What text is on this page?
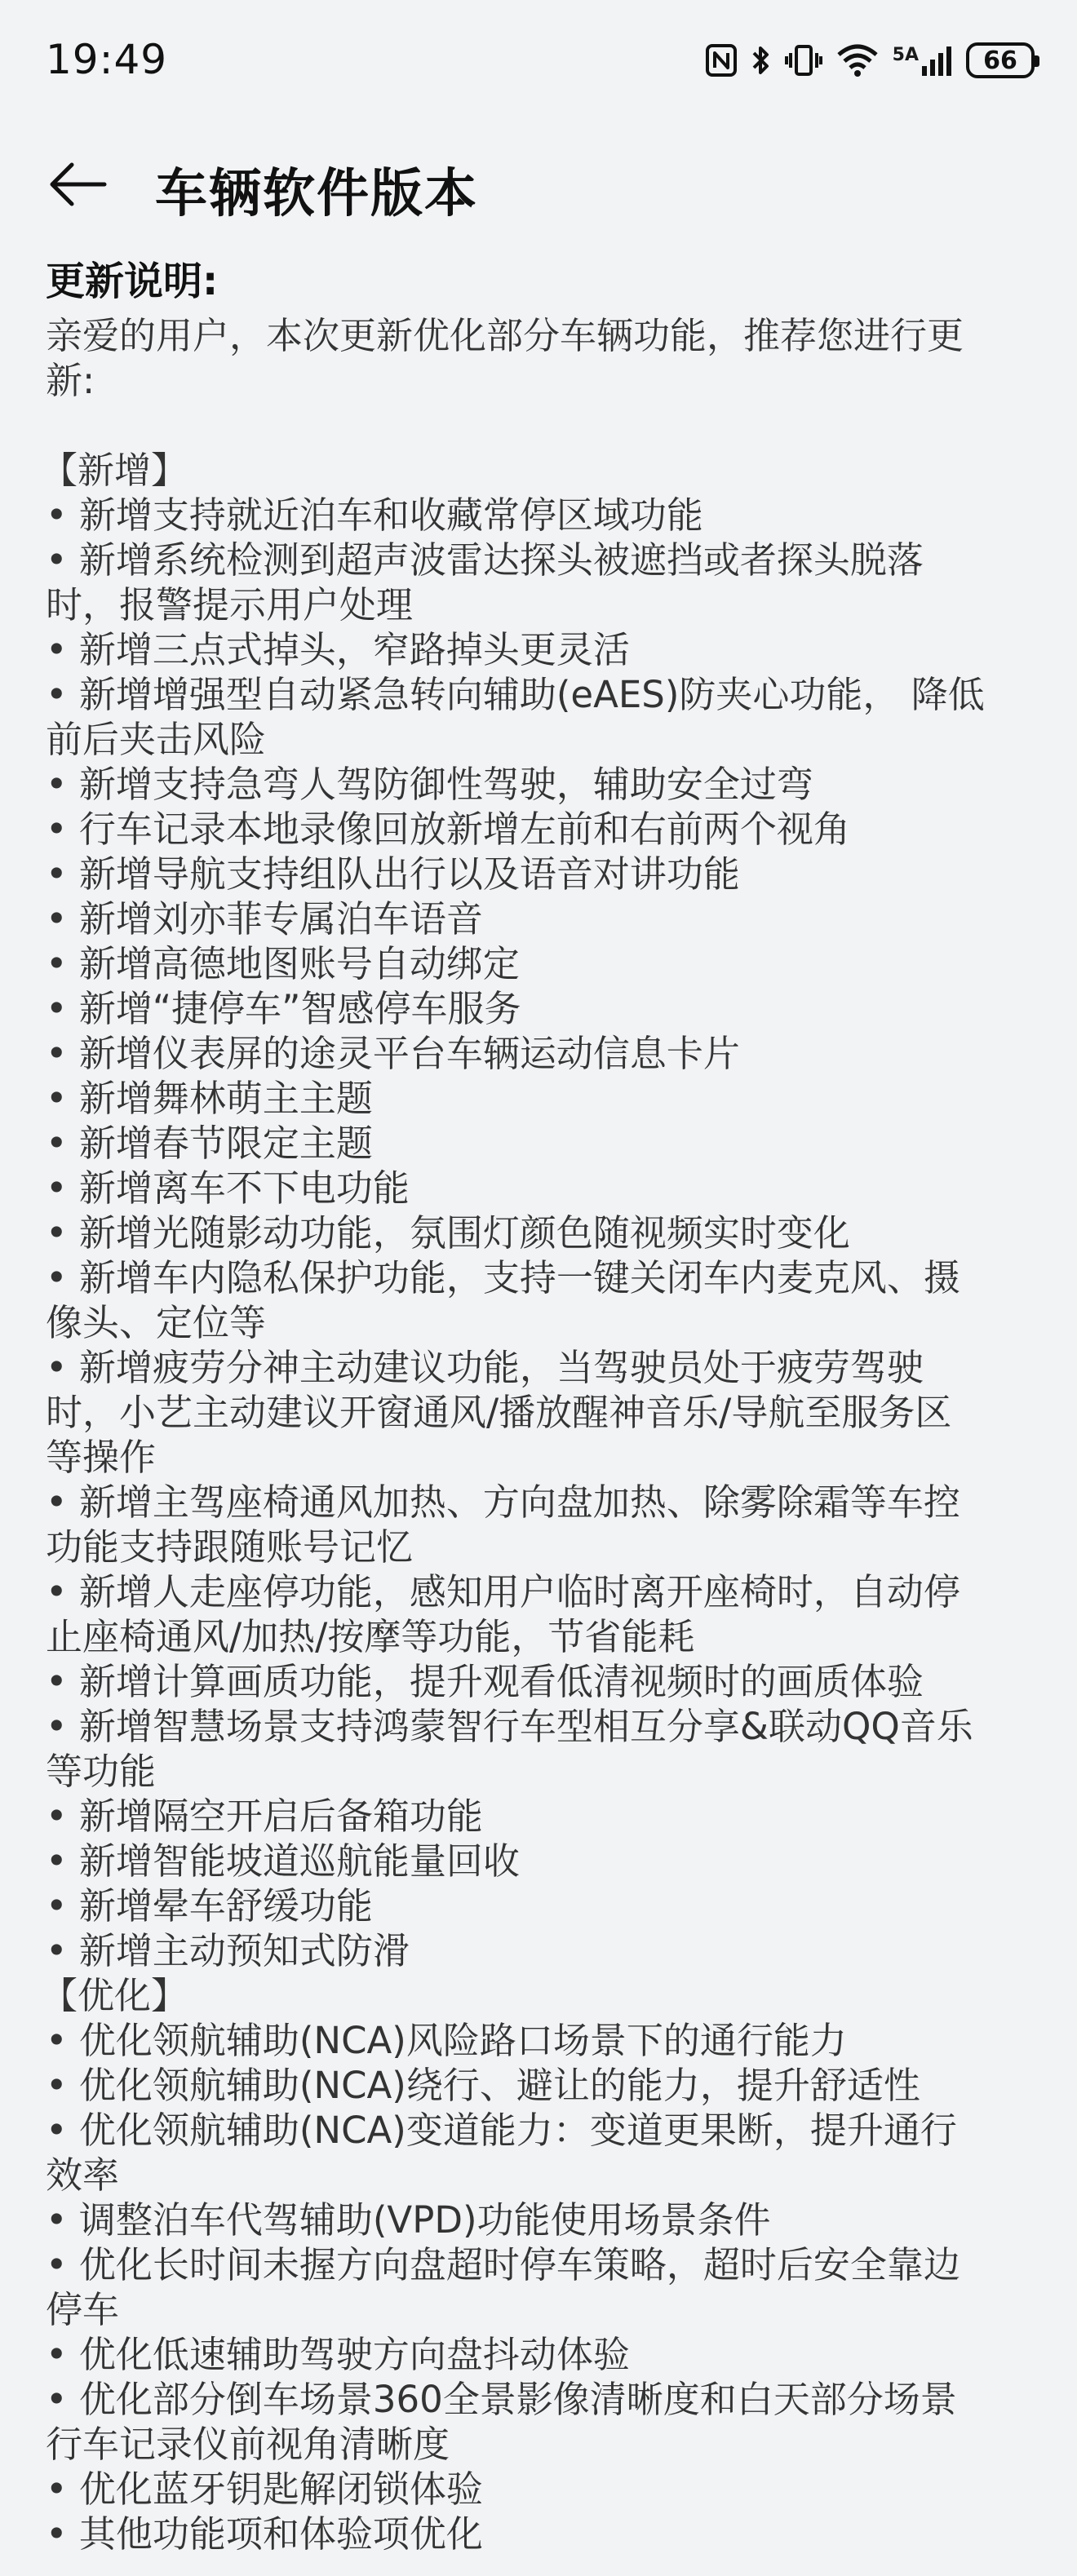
19:49	5A	66
车辆软件版本
更新说明:
亲爱的用户，本次更新优化部分车辆功能，推荐您进行更
新:
【新增】
• 新增支持就近泊车和收藏常停区域功能
• 新增系统检测到超声波雷达探头被遮挡或者探头脱落
时，报警提示用户处理
• 新增三点式掉头，窄路掉头更灵活
• 新增增强型自动紧急转向辅助(eAES)防夹心功能， 降低
前后夹击风险
• 新增支持急弯人驾防御性驾驶，辅助安全过弯
• 行车记录本地录像回放新增左前和右前两个视角
• 新增导航支持组队出行以及语音对讲功能
• 新增刘亦菲专属泊车语音
• 新增高德地图账号自动绑定
• 新增“捷停车”智感停车服务
• 新增仪表屏的途灵平台车辆运动信息卡片
• 新增舞林萌主主题
• 新增春节限定主题
• 新增离车不下电功能
• 新增光随影动功能，氛围灯颜色随视频实时变化
• 新增车内隐私保护功能，支持一键关闭车内麦克风、摄
像头、定位等
• 新增疲劳分神主动建议功能，当驾驶员处于疲劳驾驶
时，小艺主动建议开窗通风/播放醒神音乐/导航至服务区
等操作
• 新增主驾座椅通风加热、方向盘加热、除雾除霜等车控
功能支持跟随账号记忆
• 新增人走座停功能，感知用户临时离开座椅时，自动停
止座椅通风/加热/按摩等功能，节省能耗
• 新增计算画质功能，提升观看低清视频时的画质体验
• 新增智慧场景支持鸿蒙智行车型相互分享&联动QQ音乐
等功能
• 新增隔空开启后备箱功能
• 新增智能坡道巡航能量回收
• 新增晕车舒缓功能
• 新增主动预知式防滑
【优化】
• 优化领航辅助(NCA)风险路口场景下的通行能力
• 优化领航辅助(NCA)绕行、避让的能力，提升舒适性
• 优化领航辅助(NCA)变道能力：变道更果断，提升通行
效率
• 调整泊车代驾辅助(VPD)功能使用场景条件
• 优化长时间未握方向盘超时停车策略，超时后安全靠边
停车
• 优化低速辅助驾驶方向盘抖动体验
• 优化部分倒车场景360全景影像清晰度和白天部分场景
行车记录仪前视角清晰度
• 优化蓝牙钥匙解闭锁体验
• 其他功能项和体验项优化
